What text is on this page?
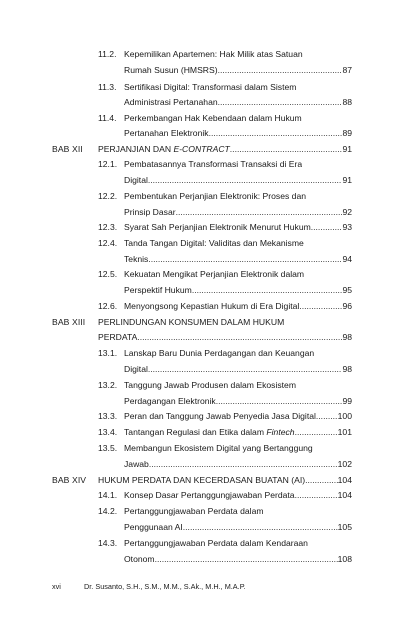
11.2. Kepemilikan Apartemen: Hak Milik atas Satuan
Rumah Susun (HMSRS) .....	87
11.3. Sertifikasi Digital: Transformasi dalam Sistem
Administrasi Pertanahan .....	88
11.4. Perkembangan Hak Kebendaan dalam Hukum
Pertanahan Elektronik .....	89
BAB XII PERJANJIAN DAN E-CONTRACT .....	91
12.1. Pembatasannya Transformasi Transaksi di Era
Digital .....	91
12.2. Pembentukan Perjanjian Elektronik: Proses dan
Prinsip Dasar .....	92
12.3. Syarat Sah Perjanjian Elektronik Menurut Hukum .....	93
12.4. Tanda Tangan Digital: Validitas dan Mekanisme
Teknis .....	94
12.5. Kekuatan Mengikat Perjanjian Elektronik dalam
Perspektif Hukum .....	95
12.6. Menyongsong Kepastian Hukum di Era Digital .....	96
BAB XIII PERLINDUNGAN KONSUMEN DALAM HUKUM
PERDATA .....	98
13.1. Lanskap Baru Dunia Perdagangan dan Keuangan
Digital .....	98
13.2. Tanggung Jawab Produsen dalam Ekosistem
Perdagangan Elektronik .....	99
13.3. Peran dan Tanggung Jawab Penyedia Jasa Digital .....	100
13.4. Tantangan Regulasi dan Etika dalam Fintech .....	101
13.5. Membangun Ekosistem Digital yang Bertanggung
Jawab .....	102
BAB XIV HUKUM PERDATA DAN KECERDASAN BUATAN (AI) .....	104
14.1. Konsep Dasar Pertanggungjawaban Perdata .....	104
14.2. Pertanggungjawaban Perdata dalam
Penggunaan AI .....	105
14.3. Pertanggungjawaban Perdata dalam Kendaraan
Otonom .....	108
xvi	Dr. Susanto, S.H., S.M., M.M., S.Ak., M.H., M.A.P.
